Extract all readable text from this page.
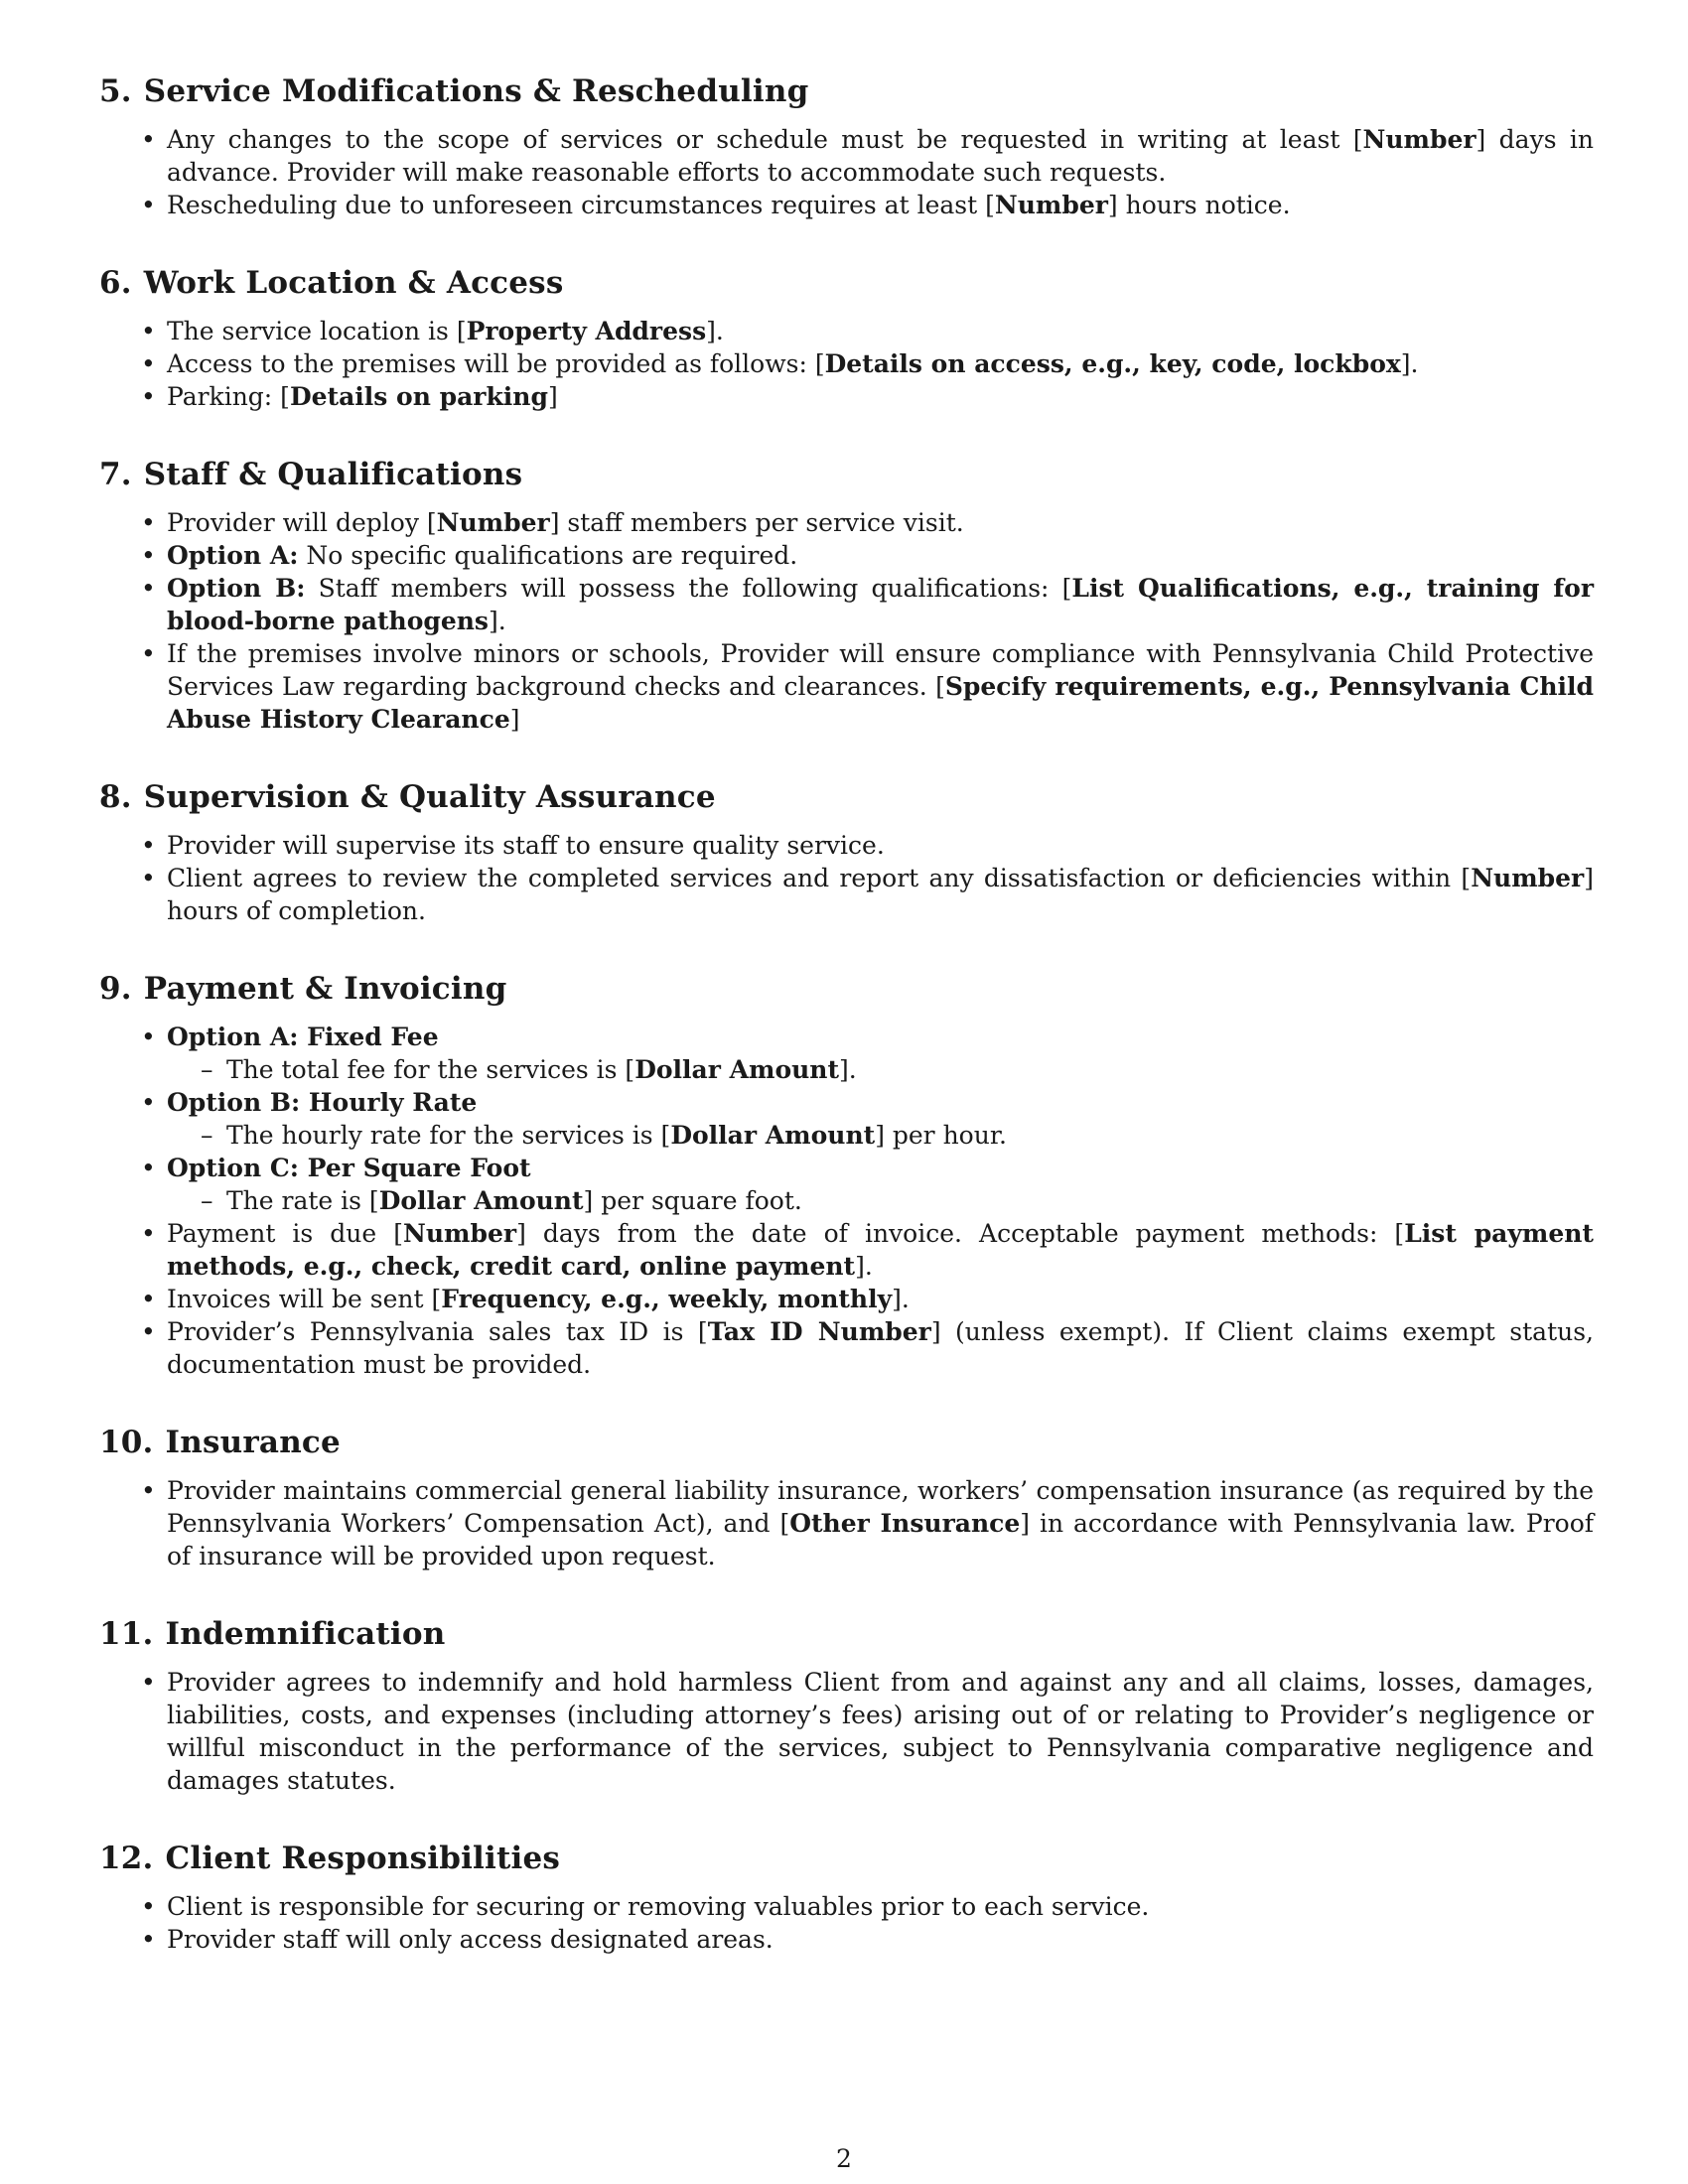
5. Service Modifications & Rescheduling
• Any changes to the scope of services or schedule must be requested in writing at least [Number] days in advance. Provider will make reasonable efforts to accommodate such requests.
• Rescheduling due to unforeseen circumstances requires at least [Number] hours notice.
6. Work Location & Access
• The service location is [Property Address].
• Access to the premises will be provided as follows: [Details on access, e.g., key, code, lockbox].
• Parking: [Details on parking]
7. Staff & Qualifications
• Provider will deploy [Number] staff members per service visit.
• Option A: No specific qualifications are required.
• Option B: Staff members will possess the following qualifications: [List Qualifications, e.g., training for blood-borne pathogens].
• If the premises involve minors or schools, Provider will ensure compliance with Pennsylvania Child Protective Services Law regarding background checks and clearances. [Specify requirements, e.g., Pennsylvania Child Abuse History Clearance]
8. Supervision & Quality Assurance
• Provider will supervise its staff to ensure quality service.
• Client agrees to review the completed services and report any dissatisfaction or deficiencies within [Number] hours of completion.
9. Payment & Invoicing
• Option A: Fixed Fee
– The total fee for the services is [Dollar Amount].
• Option B: Hourly Rate
– The hourly rate for the services is [Dollar Amount] per hour.
• Option C: Per Square Foot
– The rate is [Dollar Amount] per square foot.
• Payment is due [Number] days from the date of invoice. Acceptable payment methods: [List payment methods, e.g., check, credit card, online payment].
• Invoices will be sent [Frequency, e.g., weekly, monthly].
• Provider’s Pennsylvania sales tax ID is [Tax ID Number] (unless exempt). If Client claims exempt status, documentation must be provided.
10. Insurance
• Provider maintains commercial general liability insurance, workers’ compensation insurance (as required by the Pennsylvania Workers’ Compensation Act), and [Other Insurance] in accordance with Pennsylvania law. Proof of insurance will be provided upon request.
11. Indemnification
• Provider agrees to indemnify and hold harmless Client from and against any and all claims, losses, damages, liabilities, costs, and expenses (including attorney’s fees) arising out of or relating to Provider’s negligence or willful misconduct in the performance of the services, subject to Pennsylvania comparative negligence and damages statutes.
12. Client Responsibilities
• Client is responsible for securing or removing valuables prior to each service.
• Provider staff will only access designated areas.
2
